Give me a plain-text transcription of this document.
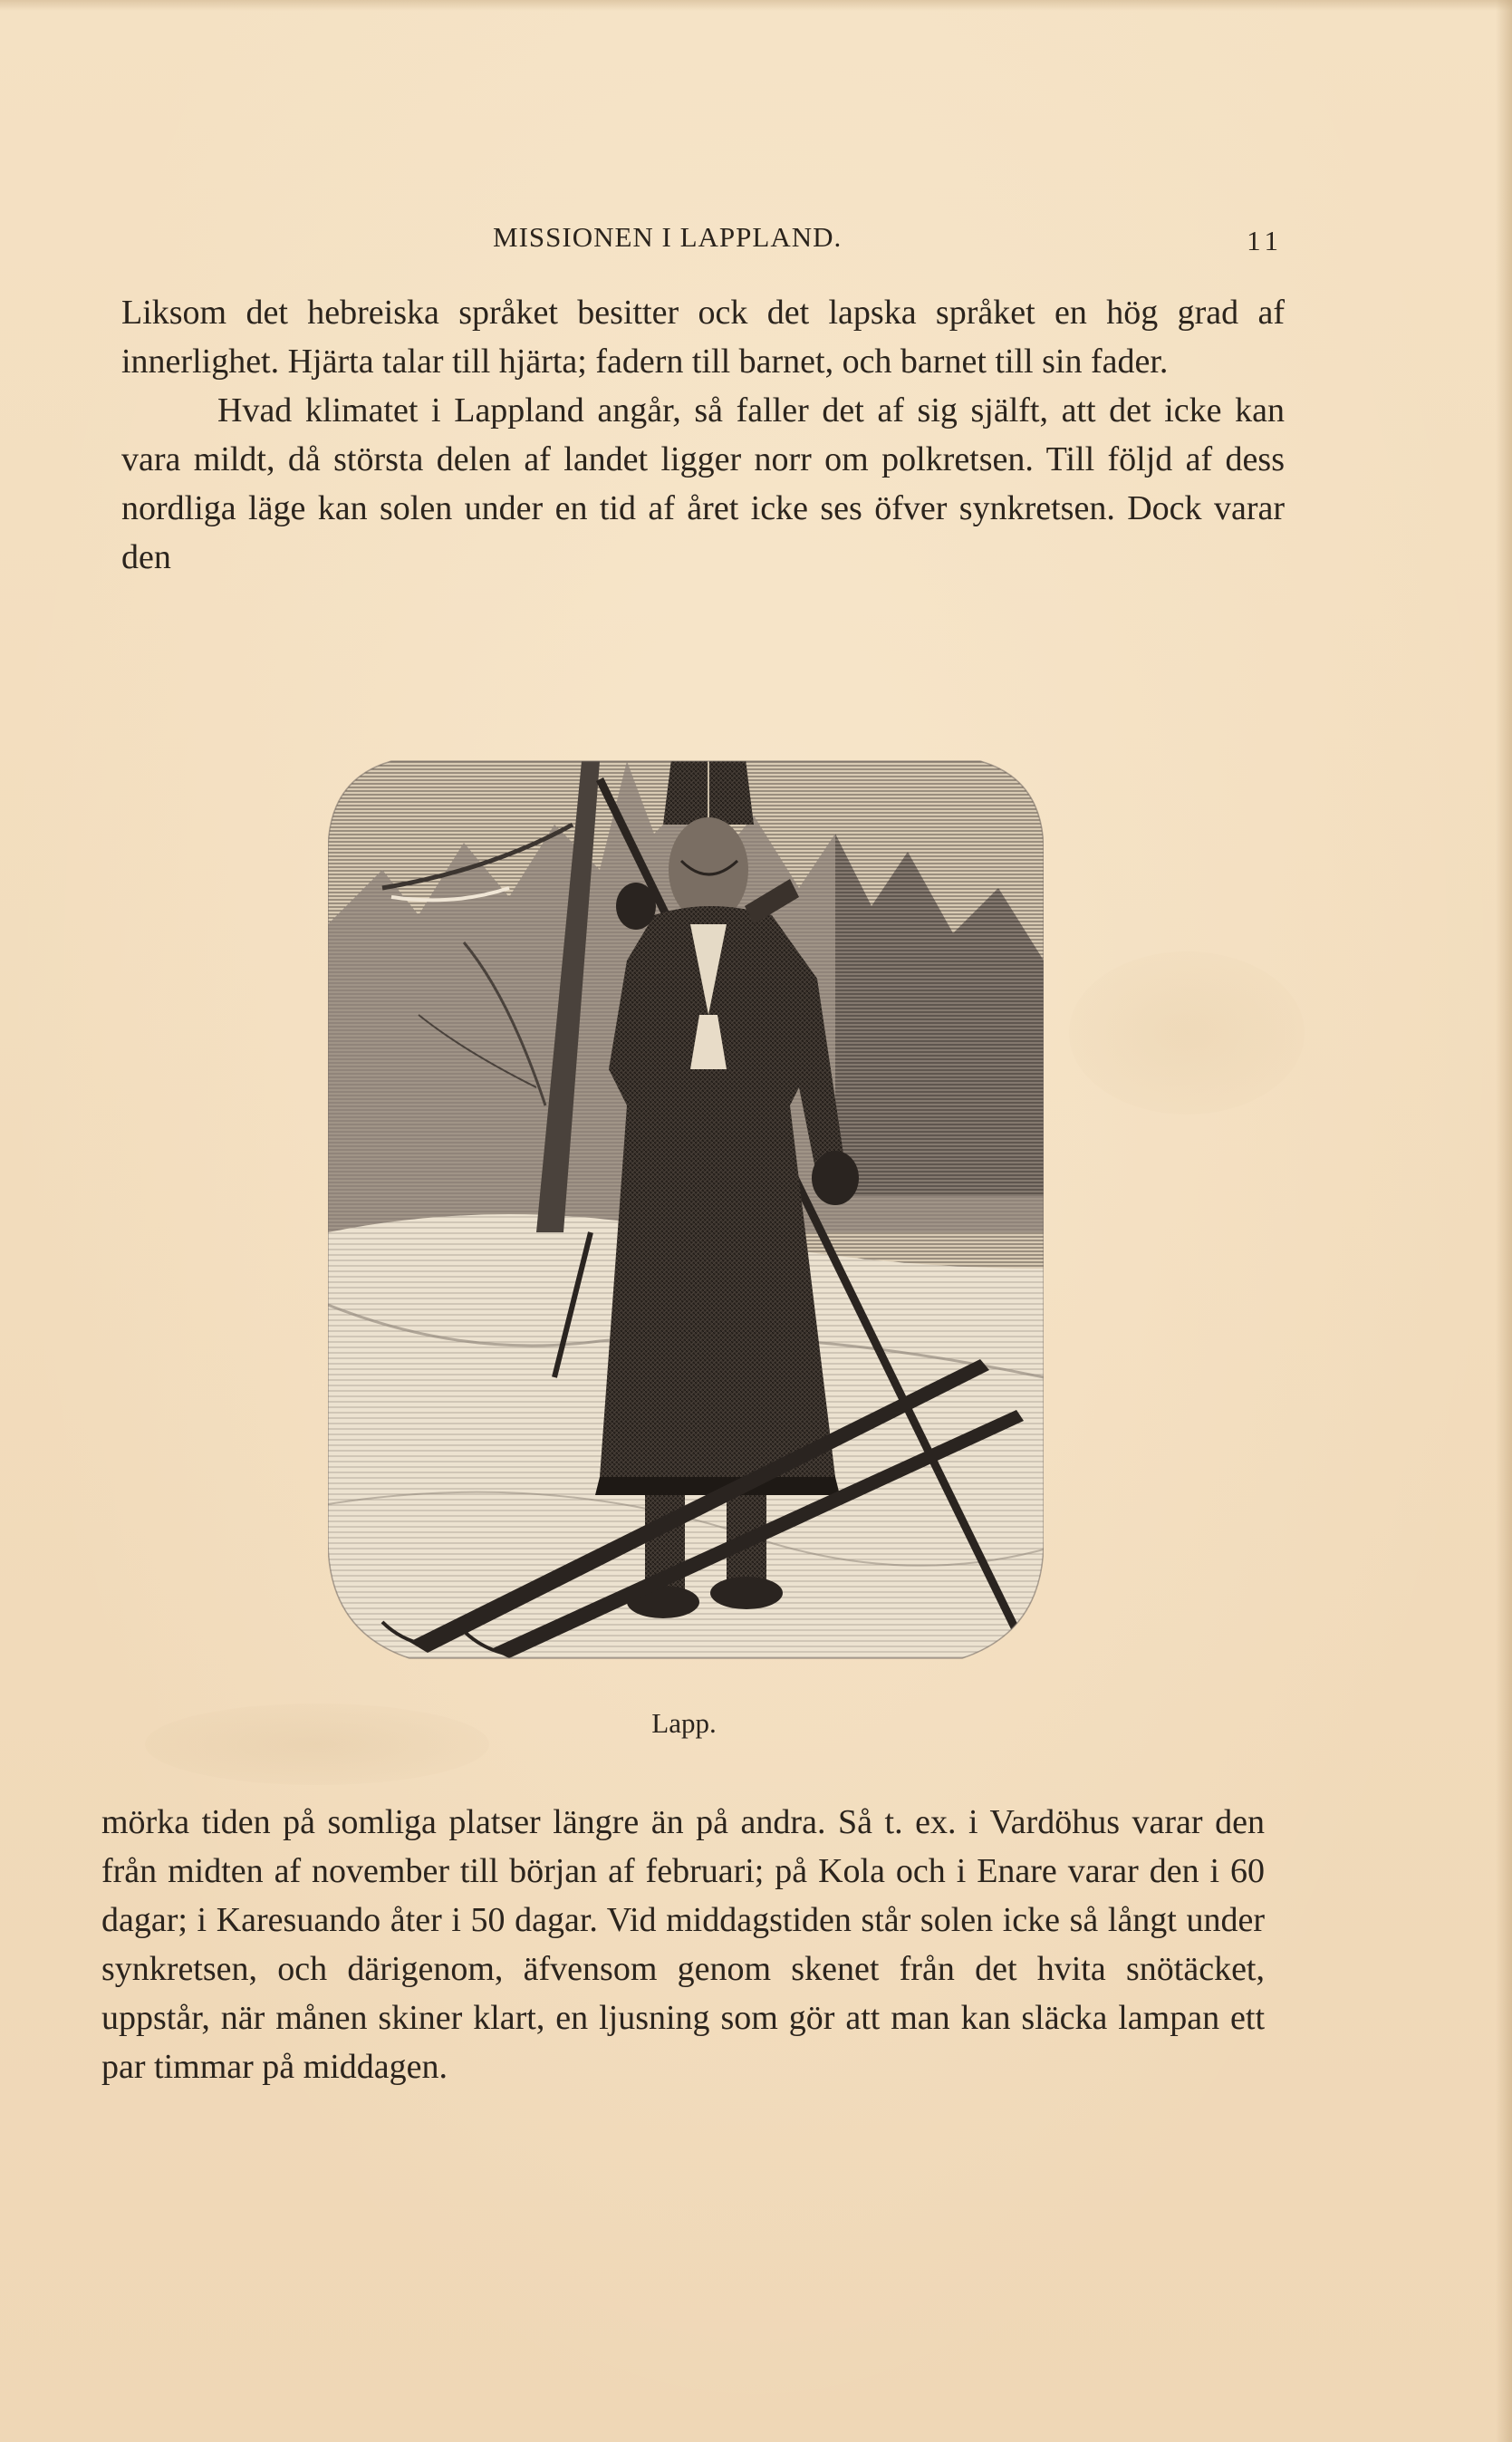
MISSIONEN I LAPPLAND.	11

Liksom det hebreiska språket besitter ock det lapska språket en hög grad af innerlighet. Hjärta talar till hjärta; fadern till barnet, och barnet till sin fader.

Hvad klimatet i Lappland angår, så faller det af sig själft, att det icke kan vara mildt, då största delen af landet ligger norr om polkretsen. Till följd af dess nordliga läge kan solen under en tid af året icke ses öfver synkretsen. Dock varar den

Lapp.
mörka tiden på somliga platser längre än på andra. Så t. ex. i Vardöhus varar den från midten af november till början af februari; på Kola och i Enare varar den i 60 dagar; i Karesuando åter i 50 dagar. Vid middagstiden står solen icke så långt under synkretsen, och därigenom, äfvensom genom skenet från det hvita snötäcket, uppstår, när månen skiner klart, en ljusning som gör att man kan släcka lampan ett par timmar på middagen.
